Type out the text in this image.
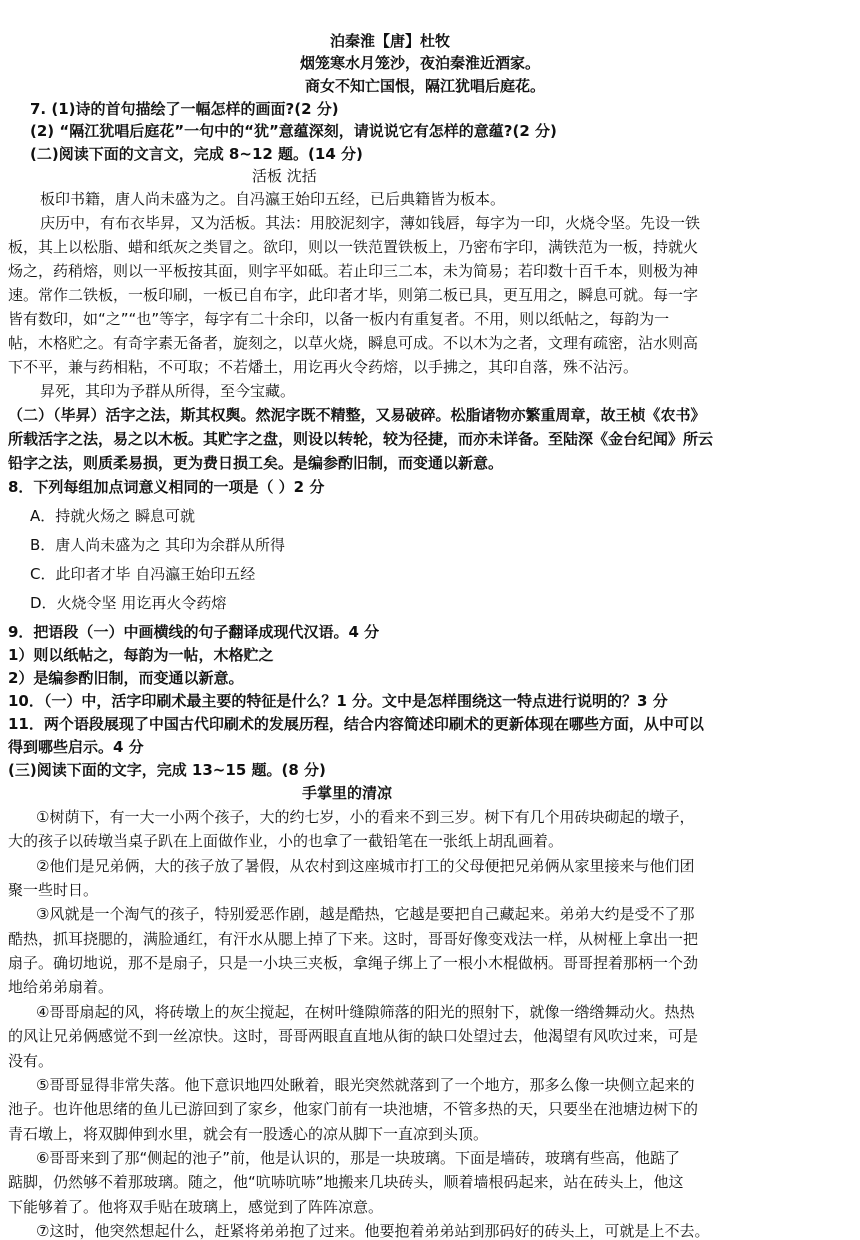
泊秦淮【唐】杜牧
烟笼寒水月笼沙，夜泊秦淮近酒家。
商女不知亡国恨，隔江犹唱后庭花。
7. (1)诗的首句描绘了一幅怎样的画面?(2 分)
(2) “隔江犹唱后庭花”一句中的“犹”意蕴深刻，请说说它有怎样的意蕴?(2 分)
(二)阅读下面的文言文，完成 8~12 题。(14 分)
活板 沈括
板印书籍，唐人尚未盛为之。自冯瀛王始印五经，已后典籍皆为板本。
庆历中，有布衣毕昇，又为活板。其法：用胶泥刻字，薄如钱唇，每字为一印，火烧令坚。先设一铁
板，其上以松脂、蜡和纸灰之类冒之。欲印，则以一铁范置铁板上，乃密布字印，满铁范为一板，持就火
炀之，药稍熔，则以一平板按其面，则字平如砥。若止印三二本，未为简易；若印数十百千本，则极为神
速。常作二铁板，一板印刷，一板已自布字，此印者才毕，则第二板已具，更互用之，瞬息可就。每一字
皆有数印，如“之”“也”等字，每字有二十余印，以备一板内有重复者。不用，则以纸帖之，每韵为一
帖，木格贮之。有奇字素无备者，旋刻之，以草火烧，瞬息可成。不以木为之者，文理有疏密，沾水则高
下不平，兼与药相粘，不可取；不若燔土，用讫再火令药熔，以手拂之，其印自落，殊不沾污。
昇死，其印为予群从所得，至今宝藏。
（二）（毕昇）活字之法，斯其权舆。然泥字既不精整，又易破碎。松脂诸物亦繁重周章，故王桢《农书》
所载活字之法，易之以木板。其贮字之盘，则设以转轮，较为径捷，而亦未详备。至陆深《金台纪闻》所云
铅字之法，则质柔易损，更为费日损工矣。是编参酌旧制，而变通以新意。
8．下列每组加点词意义相同的一项是（ ）2 分
A．持就火炀之 瞬息可就
B．唐人尚未盛为之 其印为余群从所得
C．此印者才毕 自冯瀛王始印五经
D．火烧令坚 用讫再火令药熔
9．把语段（一）中画横线的句子翻译成现代汉语。4 分
1）则以纸帖之，每韵为一帖，木格贮之
2）是编参酌旧制，而变通以新意。
10．（一）中，活字印刷术最主要的特征是什么？1 分。文中是怎样围绕这一特点进行说明的？3 分
11．两个语段展现了中国古代印刷术的发展历程，结合内容简述印刷术的更新体现在哪些方面，从中可以
得到哪些启示。4 分
(三)阅读下面的文字，完成 13~15 题。(8 分)
手掌里的清凉
①树荫下，有一大一小两个孩子，大的约七岁，小的看来不到三岁。树下有几个用砖块砌起的墩子，
大的孩子以砖墩当桌子趴在上面做作业，小的也拿了一截铅笔在一张纸上胡乱画着。
②他们是兄弟俩，大的孩子放了暑假，从农村到这座城市打工的父母便把兄弟俩从家里接来与他们团
聚一些时日。
③风就是一个淘气的孩子，特别爱恶作剧，越是酷热，它越是要把自己藏起来。弟弟大约是受不了那
酷热，抓耳挠腮的，满脸通红，有汗水从腮上掉了下来。这时，哥哥好像变戏法一样，从树桠上拿出一把
扇子。确切地说，那不是扇子，只是一小块三夹板，拿绳子绑上了一根小木棍做柄。哥哥捏着那柄一个劲
地给弟弟扇着。
④哥哥扇起的风，将砖墩上的灰尘搅起，在树叶缝隙筛落的阳光的照射下，就像一绺绺舞动火。热热
的风让兄弟俩感觉不到一丝凉快。这时，哥哥两眼直直地从街的缺口处望过去，他渴望有风吹过来，可是
没有。
⑤哥哥显得非常失落。他下意识地四处瞅着，眼光突然就落到了一个地方，那多么像一块侧立起来的
池子。也许他思绪的鱼儿已游回到了家乡，他家门前有一块池塘，不管多热的天，只要坐在池塘边树下的
青石墩上，将双脚伸到水里，就会有一股透心的凉从脚下一直凉到头顶。
⑥哥哥来到了那“侧起的池子”前，他是认识的，那是一块玻璃。下面是墙砖，玻璃有些高，他踮了
踮脚，仍然够不着那玻璃。随之，他“吭哧吭哧”地搬来几块砖头，顺着墙根码起来，站在砖头上，他这
下能够着了。他将双手贴在玻璃上，感觉到了阵阵凉意。
⑦这时，他突然想起什么，赶紧将弟弟抱了过来。他要抱着弟弟站到那码好的砖头上，可就是上不去。
